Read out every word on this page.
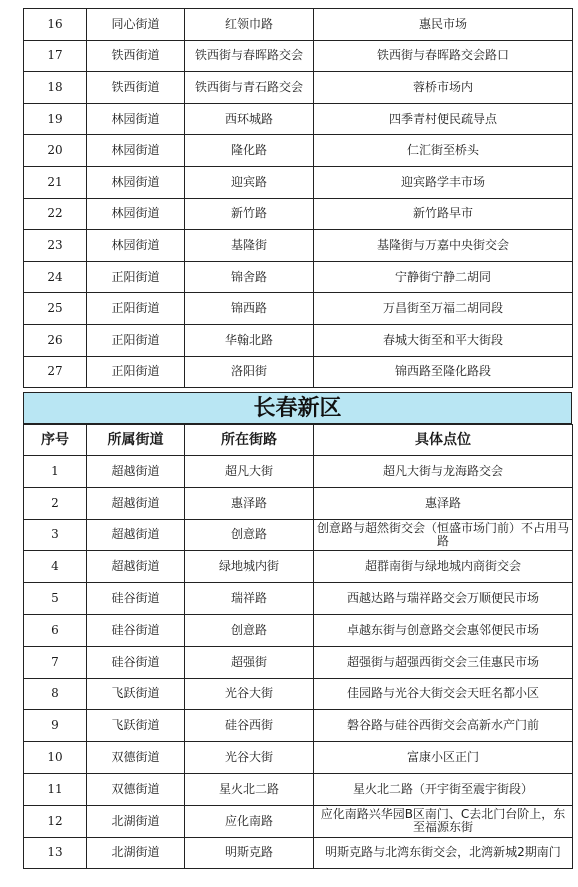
16	同心街道	红领巾路	惠民市场
17	铁西街道	铁西街与春晖路交会	铁西街与春晖路交会路口
18	铁西街道	铁西街与青石路交会	蓉桥市场内
19	林园街道	西环城路	四季青村便民疏导点
20	林园街道	隆化路	仁汇街至桥头
21	林园街道	迎宾路	迎宾路学丰市场
22	林园街道	新竹路	新竹路早市
23	林园街道	基隆街	基隆街与万嘉中央街交会
24	正阳街道	锦舍路	宁静街宁静二胡同
25	正阳街道	锦西路	万昌街至万福二胡同段
26	正阳街道	华翰北路	春城大街至和平大街段
27	正阳街道	洛阳街	锦西路至隆化路段
长春新区
序号	所属街道	所在街路	具体点位
1	超越街道	超凡大街	超凡大街与龙海路交会
2	超越街道	惠泽路	惠泽路
3	超越街道	创意路	创意路与超然街交会（恒盛市场门前）不占用马路
4	超越街道	绿地城内街	超群南街与绿地城内商街交会
5	硅谷街道	瑞祥路	西越达路与瑞祥路交会万顺便民市场
6	硅谷街道	创意路	卓越东街与创意路交会惠邻便民市场
7	硅谷街道	超强街	超强街与超强西街交会三佳惠民市场
8	飞跃街道	光谷大街	佳园路与光谷大街交会天旺名都小区
9	飞跃街道	硅谷西街	磐谷路与硅谷西街交会高新水产门前
10	双德街道	光谷大街	富康小区正门
11	双德街道	星火北二路	星火北二路（开宇街至震宇街段）
12	北湖街道	应化南路	应化南路兴华园B区南门、C去北门台阶上，东至福源东街
13	北湖街道	明斯克路	明斯克路与北湾东街交会，北湾新城2期南门
